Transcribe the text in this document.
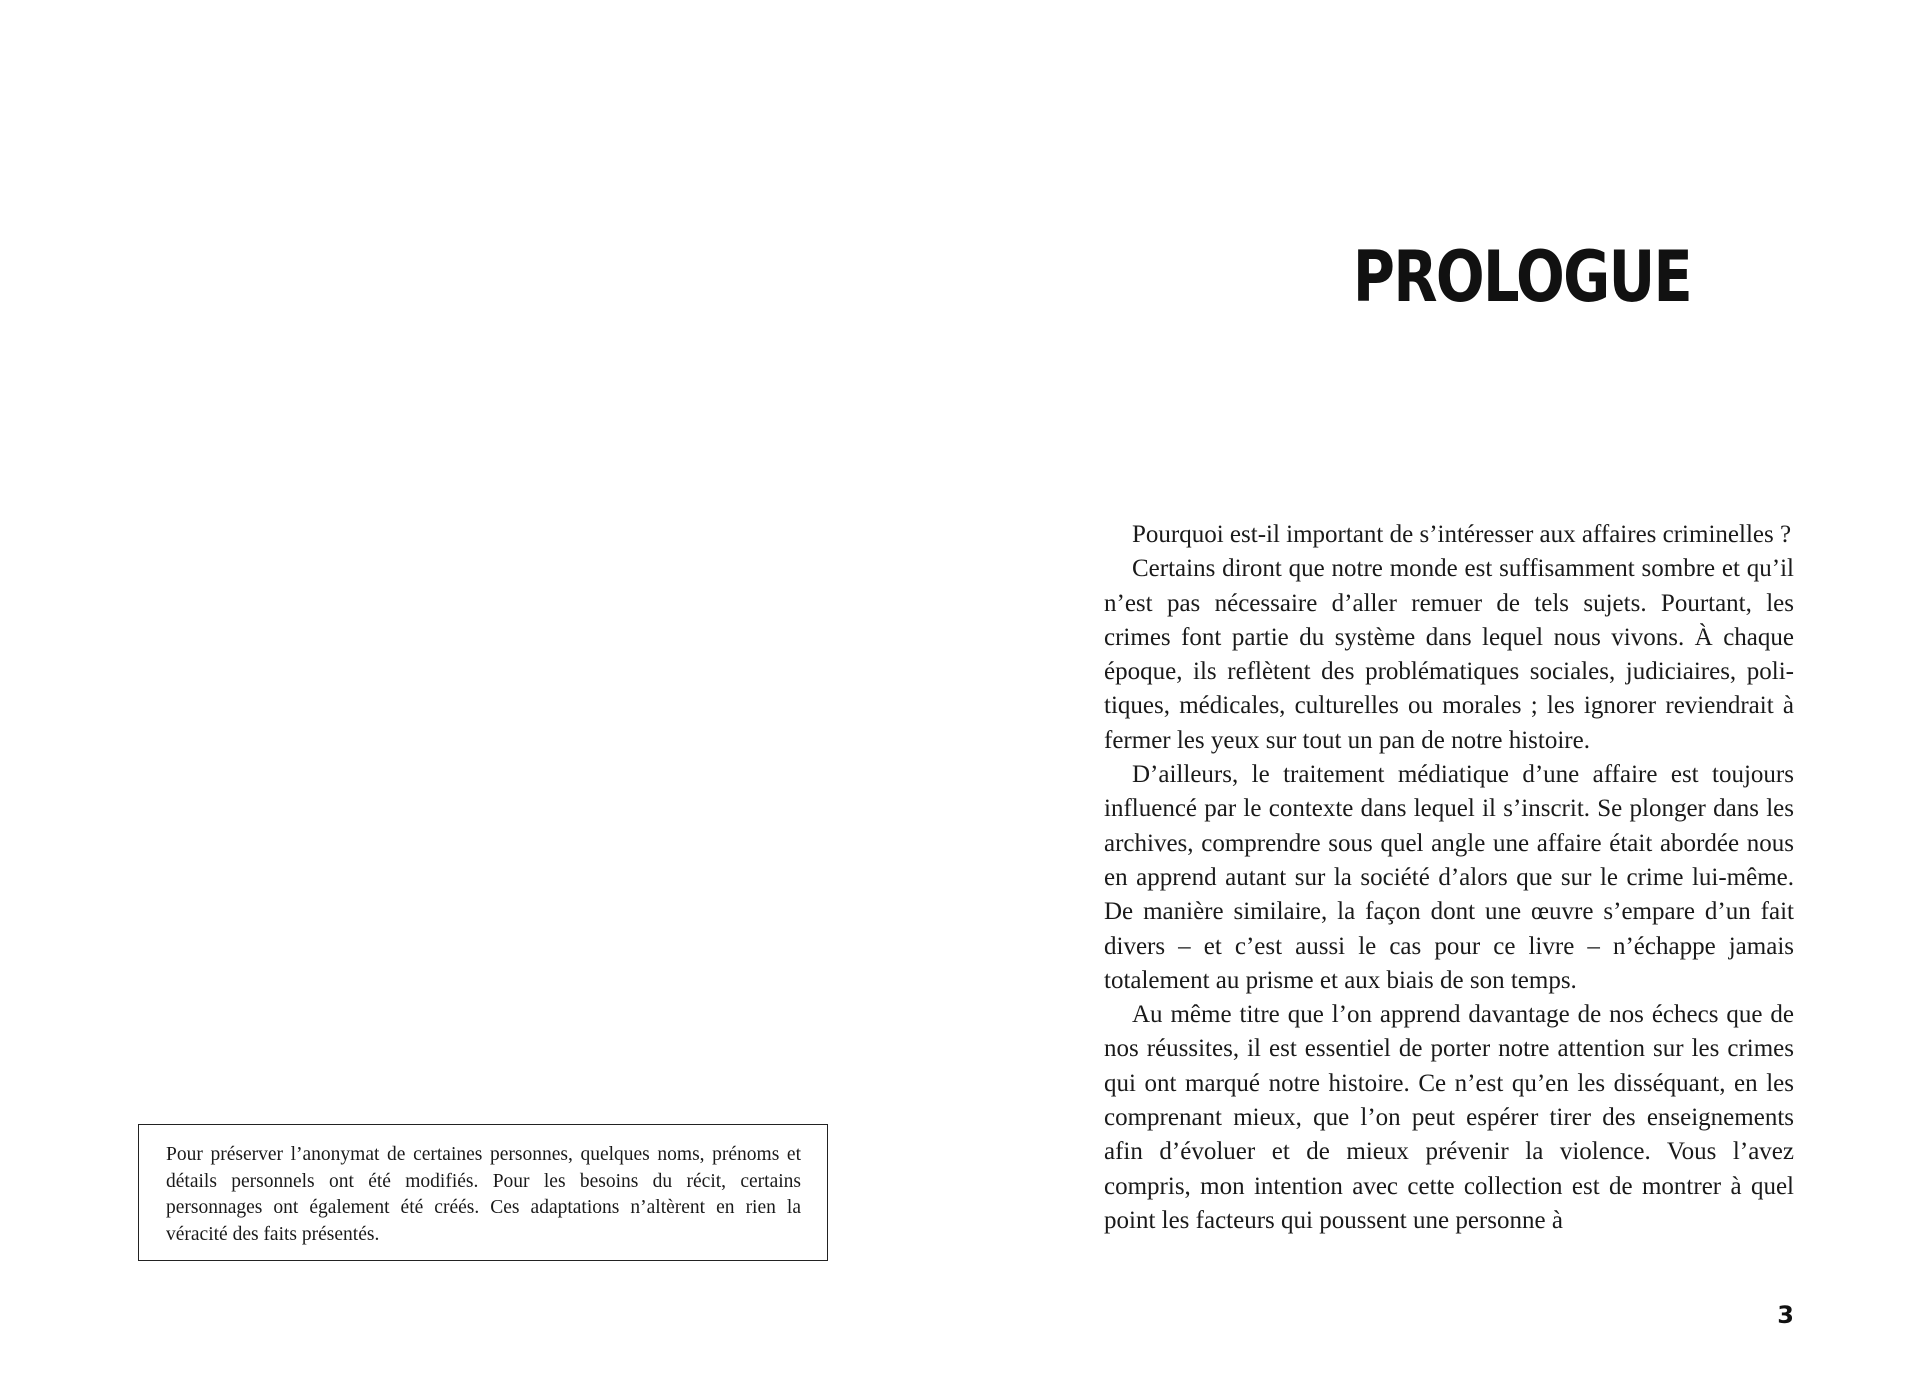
Pour préserver l’anonymat de certaines personnes, quelques noms, prénoms et détails personnels ont été modifiés. Pour les besoins du récit, certains personnages ont également été créés. Ces adaptations n’altèrent en rien la véracité des faits présentés.

PROLOGUE

Pourquoi est-il important de s’intéresser aux affaires criminelles ?

Certains diront que notre monde est suffisamment sombre et qu’il n’est pas nécessaire d’aller remuer de tels sujets. Pourtant, les crimes font partie du système dans lequel nous vivons. À chaque époque, ils reflètent des problématiques sociales, judiciaires, politiques, médicales, culturelles ou morales ; les ignorer reviendrait à fermer les yeux sur tout un pan de notre histoire.

D’ailleurs, le traitement médiatique d’une affaire est toujours influencé par le contexte dans lequel il s’inscrit. Se plonger dans les archives, comprendre sous quel angle une affaire était abordée nous en apprend autant sur la société d’alors que sur le crime lui-même. De manière similaire, la façon dont une œuvre s’empare d’un fait divers – et c’est aussi le cas pour ce livre – n’échappe jamais totalement au prisme et aux biais de son temps.

Au même titre que l’on apprend davantage de nos échecs que de nos réussites, il est essentiel de porter notre attention sur les crimes qui ont marqué notre histoire. Ce n’est qu’en les disséquant, en les comprenant mieux, que l’on peut espérer tirer des enseignements afin d’évoluer et de mieux prévenir la violence. Vous l’avez compris, mon intention avec cette collection est de montrer à quel point les facteurs qui poussent une personne à

3
